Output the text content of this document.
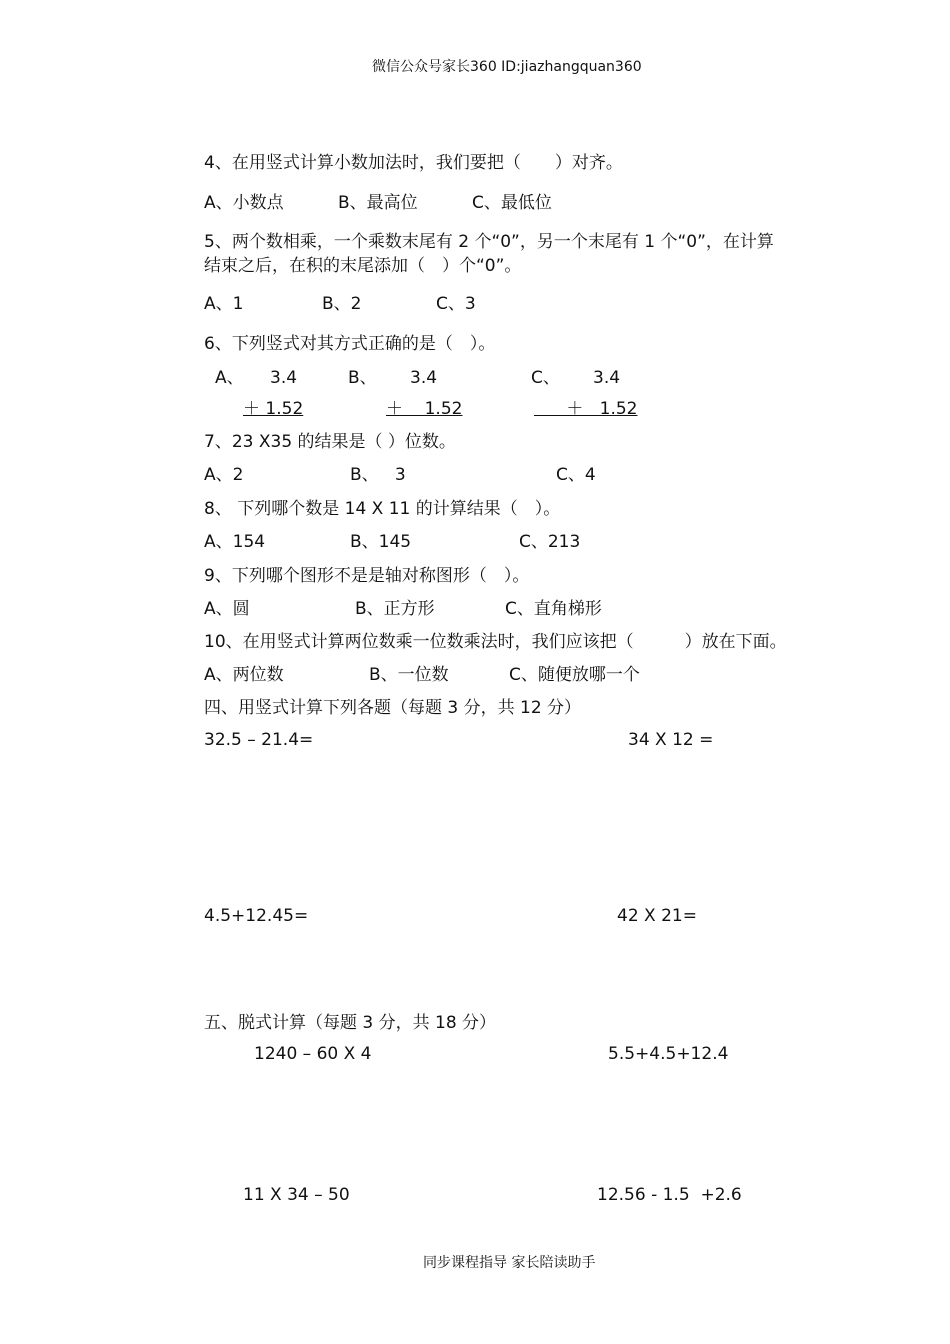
微信公众号家长360 ID:jiazhangquan360
4、在用竖式计算小数加法时，我们要把（　　）对齐。
A、小数点	B、最高位	C、最低位
5、两个数相乘，一个乘数末尾有 2 个“0”，另一个末尾有 1 个“0”，在计算
结束之后，在积的末尾添加（　）个“0”。
A、1	B、2	C、3
6、下列竖式对其方式正确的是（　）。
A、 3.4
＋ 1.52
B、 3.4
＋    1.52
C、 3.4
＋   1.52
7、23 X35 的结果是（ ）位数。
A、2	B、   3	C、4
8、 下列哪个数是 14 X 11 的计算结果（　）。
A、154	B、145	C、213
9、下列哪个图形不是是轴对称图形（　）。
A、圆	B、正方形	C、直角梯形
10、在用竖式计算两位数乘一位数乘法时，我们应该把（　　　）放在下面。
A、两位数	B、一位数	C、随便放哪一个
四、用竖式计算下列各题（每题 3 分，共 12 分）
32.5 – 21.4=	34 X 12 =
4.5+12.45=	42 X 21=
五、脱式计算（每题 3 分，共 18 分）
1240 – 60 X 4	5.5+4.5+12.4
11 X 34 – 50	12.56 - 1.5  +2.6
同步课程指导 家长陪读助手
